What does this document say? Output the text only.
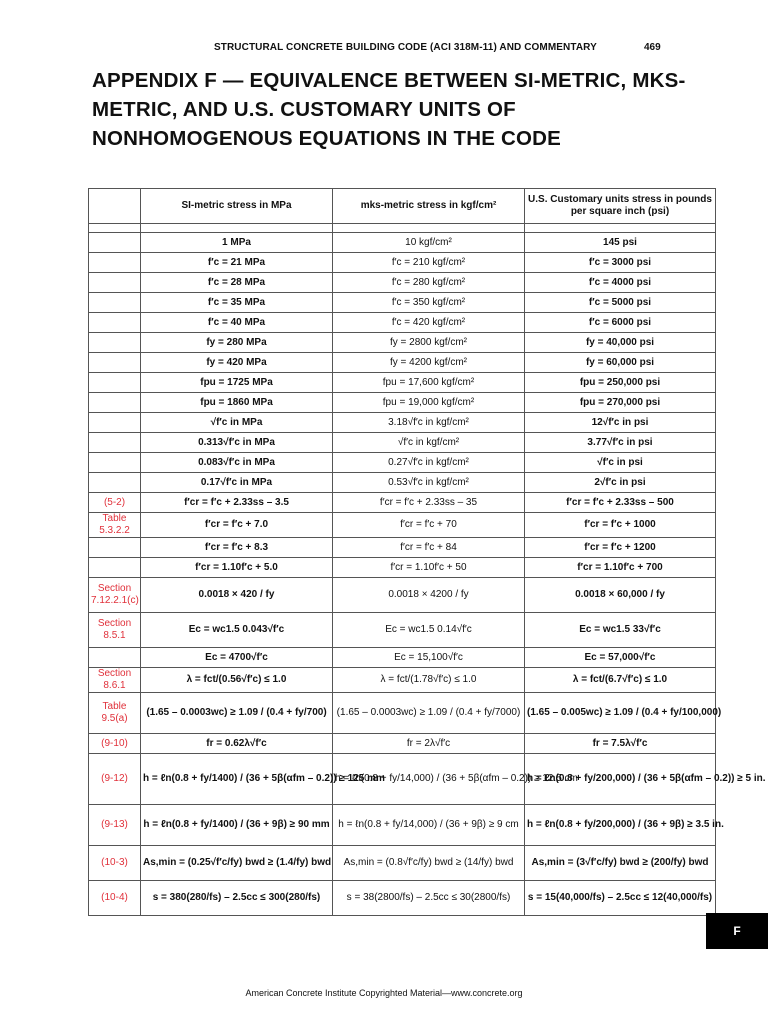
STRUCTURAL CONCRETE BUILDING CODE (ACI 318M-11) AND COMMENTARY	469
APPENDIX F — EQUIVALENCE BETWEEN SI-METRIC, MKS-METRIC, AND U.S. CUSTOMARY UNITS OF NONHOMOGENOUS EQUATIONS IN THE CODE
	SI-metric stress in MPa	mks-metric stress in kgf/cm²	U.S. Customary units stress in pounds per square inch (psi)

	1 MPa	10 kgf/cm²	145 psi
	f′c = 21 MPa	f′c = 210 kgf/cm²	f′c = 3000 psi
	f′c = 28 MPa	f′c = 280 kgf/cm²	f′c = 4000 psi
	f′c = 35 MPa	f′c = 350 kgf/cm²	f′c = 5000 psi
	f′c = 40 MPa	f′c = 420 kgf/cm²	f′c = 6000 psi
	fy = 280 MPa	fy = 2800 kgf/cm²	fy = 40,000 psi
	fy = 420 MPa	fy = 4200 kgf/cm²	fy = 60,000 psi
	fpu = 1725 MPa	fpu = 17,600 kgf/cm²	fpu = 250,000 psi
	fpu = 1860 MPa	fpu = 19,000 kgf/cm²	fpu = 270,000 psi
	√f′c in MPa	3.18√f′c in kgf/cm²	12√f′c in psi
	0.313√f′c in MPa	√f′c in kgf/cm²	3.77√f′c in psi
	0.083√f′c in MPa	0.27√f′c in kgf/cm²	√f′c in psi
	0.17√f′c in MPa	0.53√f′c in kgf/cm²	2√f′c in psi
(5-2)	f′cr = f′c + 2.33ss – 3.5	f′cr = f′c + 2.33ss – 35	f′cr = f′c + 2.33ss – 500
Table 5.3.2.2	f′cr = f′c + 7.0	f′cr = f′c + 70	f′cr = f′c + 1000
	f′cr = f′c + 8.3	f′cr = f′c + 84	f′cr = f′c + 1200
	f′cr = 1.10f′c + 5.0	f′cr = 1.10f′c + 50	f′cr = 1.10f′c + 700
Section 7.12.2.1(c)	0.0018 × 420 / fy	0.0018 × 4200 / fy	0.0018 × 60,000 / fy
Section 8.5.1	Ec = wc1.5 0.043√f′c	Ec = wc1.5 0.14√f′c	Ec = wc1.5 33√f′c
	Ec = 4700√f′c	Ec = 15,100√f′c	Ec = 57,000√f′c
Section 8.6.1	λ = fct/(0.56√f′c) ≤ 1.0	λ = fct/(1.78√f′c) ≤ 1.0	λ = fct/(6.7√f′c) ≤ 1.0
Table 9.5(a)	(1.65 – 0.0003wc) ≥ 1.09 / (0.4 + fy/700)	(1.65 – 0.0003wc) ≥ 1.09 / (0.4 + fy/7000)	(1.65 – 0.005wc) ≥ 1.09 / (0.4 + fy/100,000)
(9-10)	fr = 0.62λ√f′c	fr = 2λ√f′c	fr = 7.5λ√f′c
(9-12)	h = ℓn(0.8 + fy/1400) / (36 + 5β(αfm – 0.2)) ≥ 125 mm	h = ℓn(0.8 + fy/14,000) / (36 + 5β(αfm – 0.2)) ≥ 12.5 cm	h = ℓn(0.8 + fy/200,000) / (36 + 5β(αfm – 0.2)) ≥ 5 in.
(9-13)	h = ℓn(0.8 + fy/1400) / (36 + 9β) ≥ 90 mm	h = ℓn(0.8 + fy/14,000) / (36 + 9β) ≥ 9 cm	h = ℓn(0.8 + fy/200,000) / (36 + 9β) ≥ 3.5 in.
(10-3)	As,min = (0.25√f′c/fy) bwd ≥ (1.4/fy) bwd	As,min = (0.8√f′c/fy) bwd ≥ (14/fy) bwd	As,min = (3√f′c/fy) bwd ≥ (200/fy) bwd
(10-4)	s = 380(280/fs) – 2.5cc ≤ 300(280/fs)	s = 38(2800/fs) – 2.5cc ≤ 30(2800/fs)	s = 15(40,000/fs) – 2.5cc ≤ 12(40,000/fs)
F
American Concrete Institute Copyrighted Material—www.concrete.org
